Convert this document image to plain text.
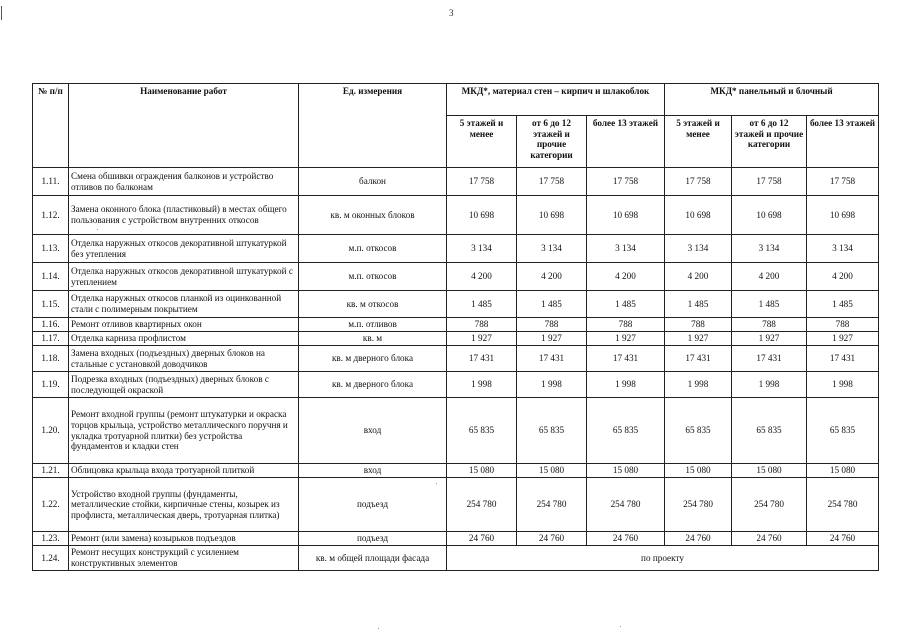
3
№ п/п	Наименование работ	Ед. измерения	МКД*, материал стен – кирпич и шлакоблок			МКД* панельный и блочный		
			5 этажей и менее	от 6 до 12 этажей и прочие категории	более 13 этажей	5 этажей и менее	от 6 до 12 этажей и прочие категории	более 13 этажей
1.11.	Смена обшивки ограждения балконов и устройство отливов по балконам	балкон	17 758	17 758	17 758	17 758	17 758	17 758
1.12.	Замена оконного блока (пластиковый) в местах общего пользования с устройством внутренних откосов	кв. м оконных блоков	10 698	10 698	10 698	10 698	10 698	10 698
1.13.	Отделка наружных откосов декоративной штукатуркой без утепления	м.п. откосов	3 134	3 134	3 134	3 134	3 134	3 134
1.14.	Отделка наружных откосов декоративной штукатуркой с утеплением	м.п. откосов	4 200	4 200	4 200	4 200	4 200	4 200
1.15.	Отделка наружных откосов планкой из оцинкованной стали с полимерным покрытием	кв. м откосов	1 485	1 485	1 485	1 485	1 485	1 485
1.16.	Ремонт отливов квартирных окон	м.п. отливов	788	788	788	788	788	788
1.17.	Отделка карниза профлистом	кв. м	1 927	1 927	1 927	1 927	1 927	1 927
1.18.	Замена входных (подъездных) дверных блоков на стальные с установкой доводчиков	кв. м дверного блока	17 431	17 431	17 431	17 431	17 431	17 431
1.19.	Подрезка входных (подъездных) дверных блоков с последующей окраской	кв. м дверного блока	1 998	1 998	1 998	1 998	1 998	1 998
1.20.	Ремонт входной группы (ремонт штукатурки и окраска торцов крыльца, устройство металлического поручня и укладка тротуарной плитки) без устройства фундаментов и кладки стен	вход	65 835	65 835	65 835	65 835	65 835	65 835
1.21.	Облицовка крыльца входа тротуарной плиткой	вход	15 080	15 080	15 080	15 080	15 080	15 080
1.22.	Устройство входной группы (фундаменты, металлические стойки, кирпичные стены, козырек из профлиста, металлическая дверь, тротуарная плитка)	подъезд	254 780	254 780	254 780	254 780	254 780	254 780
1.23.	Ремонт (или замена) козырьков подъездов	подъезд	24 760	24 760	24 760	24 760	24 760	24 760
1.24.	Ремонт несущих конструкций с усилением конструктивных элементов	кв. м общей площади фасада	по проекту					
